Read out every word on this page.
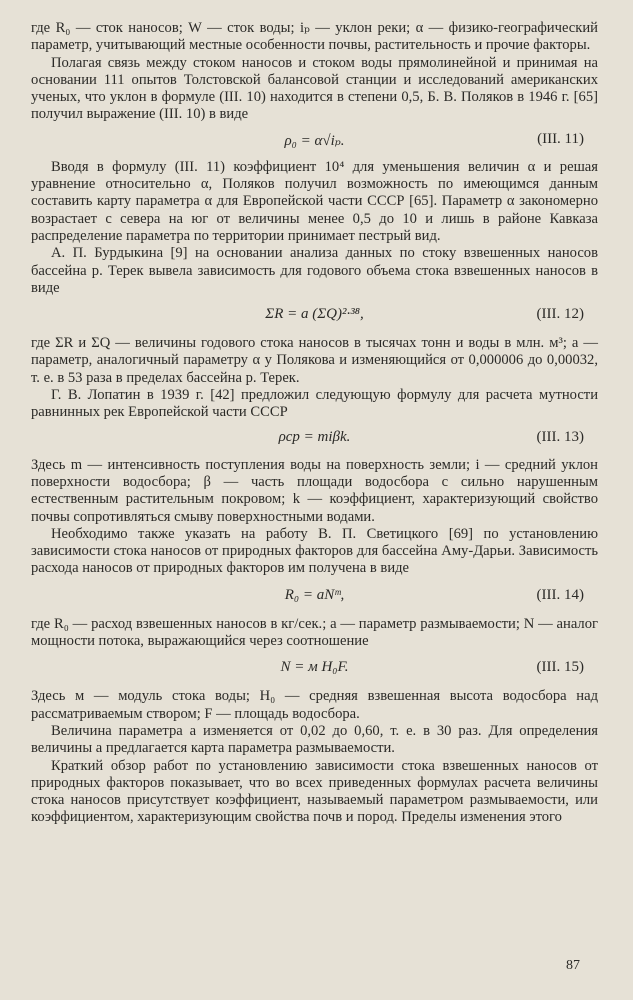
где R₀ — сток наносов; W — сток воды; iₚ — уклон реки; α — физико-географический параметр, учитывающий местные особенности почвы, растительность и прочие факторы.

Полагая связь между стоком наносов и стоком воды прямолинейной и принимая на основании 111 опытов Толстовской балансовой станции и исследований американских ученых, что уклон в формуле (III. 10) находится в степени 0,5, Б. В. Поляков в 1946 г. [65] получил выражение (III. 10) в виде

ρ₀ = α√iₚ.	(III. 11)

Вводя в формулу (III. 11) коэффициент 10⁴ для уменьшения величин α и решая уравнение относительно α, Поляков получил возможность по имеющимся данным составить карту параметра α для Европейской части СССР [65]. Параметр α закономерно возрастает с севера на юг от величины менее 0,5 до 10 и лишь в районе Кавказа распределение параметра по территории принимает пестрый вид.

А. П. Бурдыкина [9] на основании анализа данных по стоку взвешенных наносов бассейна р. Терек вывела зависимость для годового объема стока взвешенных наносов в виде

ΣR = a (ΣQ)²·³⁸,	(III. 12)

где ΣR и ΣQ — величины годового стока наносов в тысячах тонн и воды в млн. м³; a — параметр, аналогичный параметру α у Полякова и изменяющийся от 0,000006 до 0,00032, т. е. в 53 раза в пределах бассейна р. Терек.

Г. В. Лопатин в 1939 г. [42] предложил следующую формулу для расчета мутности равнинных рек Европейской части СССР

ρср = miβk.	(III. 13)

Здесь m — интенсивность поступления воды на поверхность земли; i — средний уклон поверхности водосбора; β — часть площади водосбора с сильно нарушенным естественным растительным покровом; k — коэффициент, характеризующий свойство почвы сопротивляться смыву поверхностными водами.

Необходимо также указать на работу В. П. Светицкого [69] по установлению зависимости стока наносов от природных факторов для бассейна Аму-Дарьи. Зависимость расхода наносов от природных факторов им получена в виде

R₀ = aNᵐ,	(III. 14)

где R₀ — расход взвешенных наносов в кг/сек.; a — параметр размываемости; N — аналог мощности потока, выражающийся через соотношение

N = м H₀F.	(III. 15)

Здесь м — модуль стока воды; H₀ — средняя взвешенная высота водосбора над рассматриваемым створом; F — площадь водосбора.

Величина параметра a изменяется от 0,02 до 0,60, т. е. в 30 раз. Для определения величины a предлагается карта параметра размываемости.

Краткий обзор работ по установлению зависимости стока взвешенных наносов от природных факторов показывает, что во всех приведенных формулах расчета величины стока наносов присутствует коэффициент, называемый параметром размываемости, или коэффициентом, характеризующим свойства почв и пород. Пределы изменения этого

87
